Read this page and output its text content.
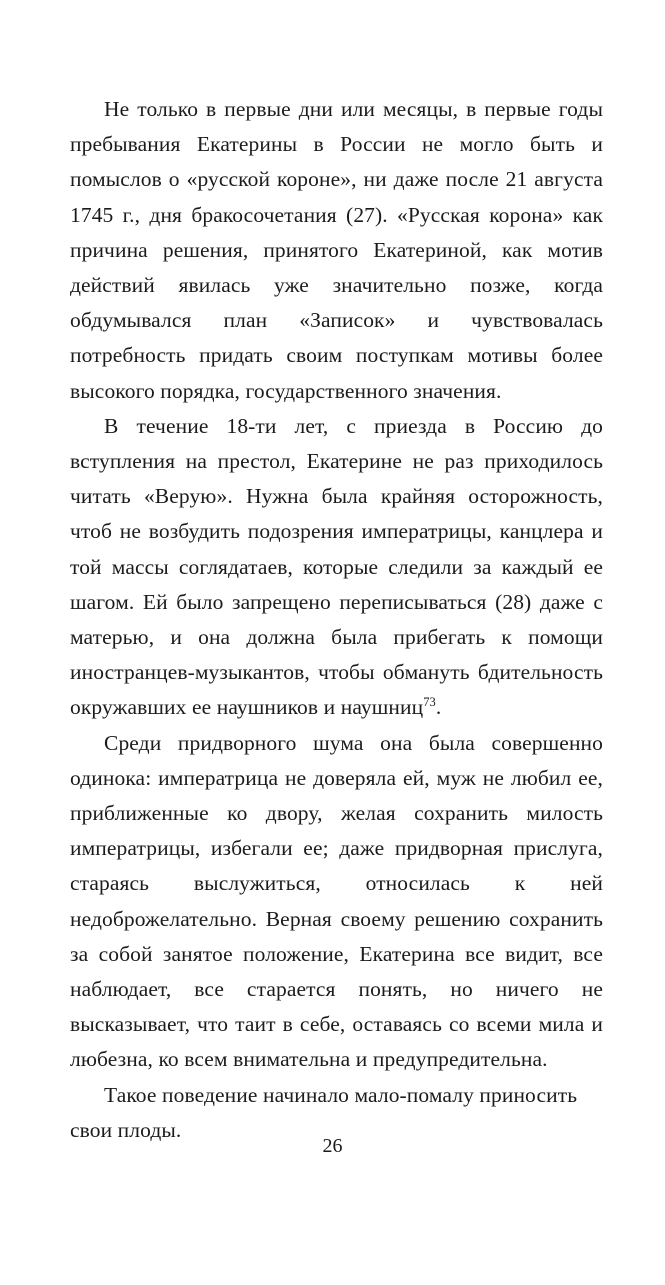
Не только в первые дни или месяцы, в первые годы пребывания Екатерины в России не могло быть и помыслов о «русской короне», ни даже после 21 августа 1745 г., дня бракосочетания (27). «Русская корона» как причина решения, принятого Екатериной, как мотив действий явилась уже значительно позже, когда обдумывался план «Записок» и чувствовалась потребность придать своим поступкам мотивы более высокого порядка, государственного значения.

В течение 18-ти лет, с приезда в Россию до вступления на престол, Екатерине не раз приходилось читать «Верую». Нужна была крайняя осторожность, чтоб не возбудить подозрения императрицы, канцлера и той массы соглядатаев, которые следили за каждый ее шагом. Ей было запрещено переписываться (28) даже с матерью, и она должна была прибегать к помощи иностранцев-музыкантов, чтобы обмануть бдительность окружавших ее наушников и наушниц$^{73}$.

Среди придворного шума она была совершенно одинока: императрица не доверяла ей, муж не любил ее, приближенные ко двору, желая сохранить милость императрицы, избегали ее; даже придворная прислуга, стараясь выслужиться, относилась к ней недоброжелательно. Верная своему решению сохранить за собой занятое положение, Екатерина все видит, все наблюдает, все старается понять, но ничего не высказывает, что таит в себе, оставаясь со всеми мила и любезна, ко всем внимательна и предупредительна.

Такое поведение начинало мало-помалу приносить свои плоды.

26
